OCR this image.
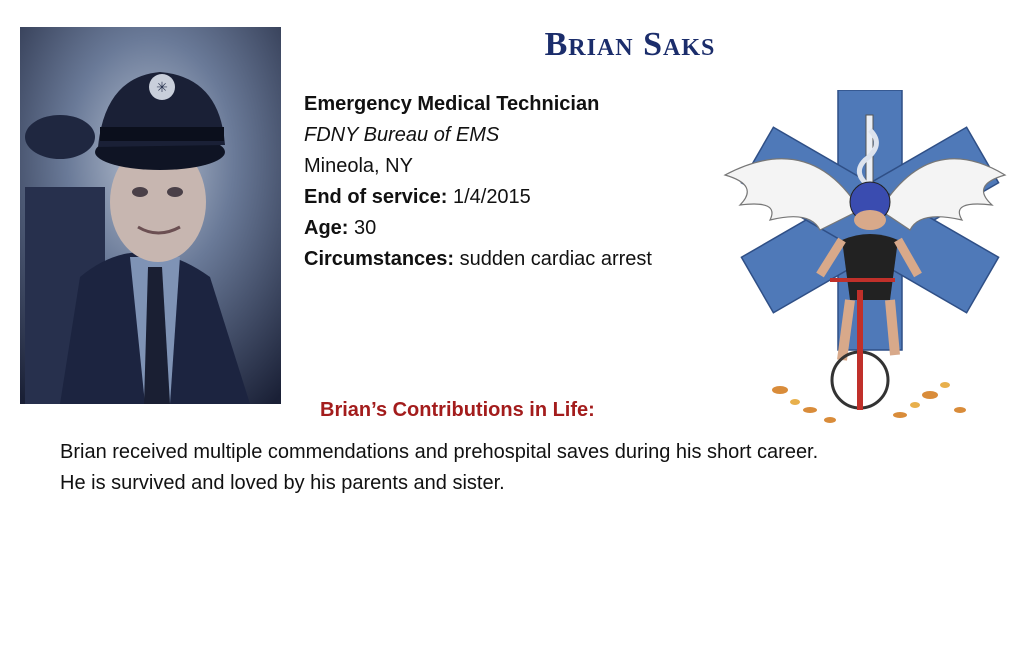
✳
Brian Saks
Emergency Medical Technician
FDNY Bureau of EMS
Mineola, NY
End of service: 1/4/2015
Age: 30
Circumstances: sudden cardiac arrest
Brian’s Contributions in Life:
Brian received multiple commendations and prehospital saves during his short career.
He is survived and loved by his parents and sister.
